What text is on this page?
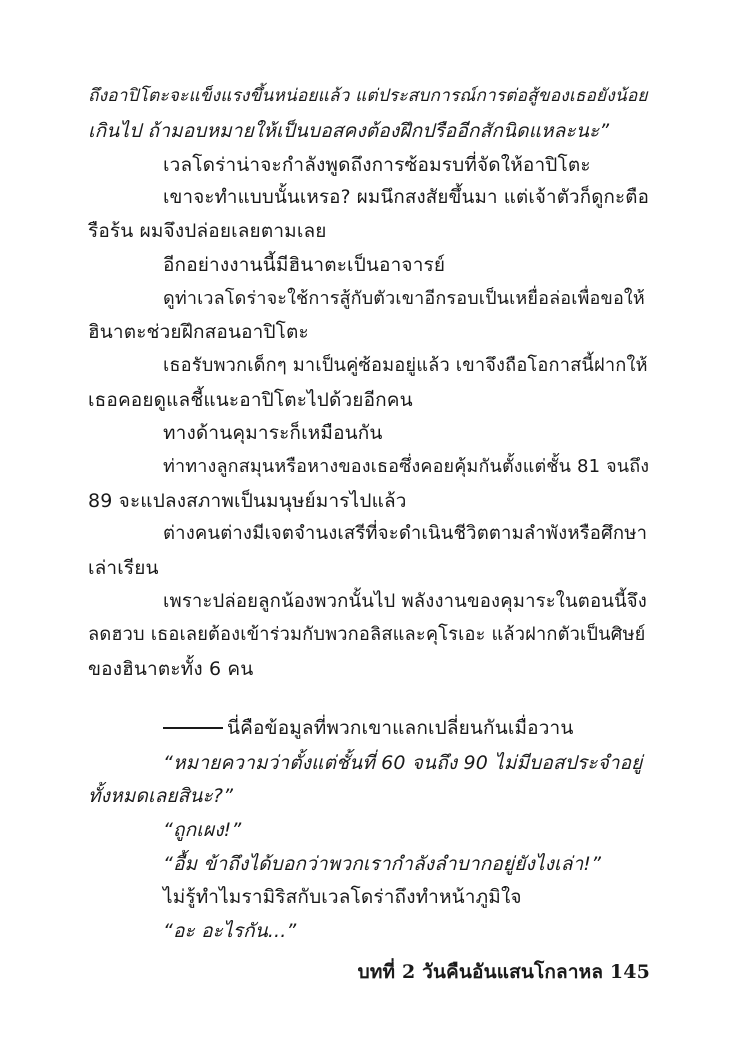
ถึงอาปิโตะจะแข็งแรงขึ้นหน่อยแล้ว แต่ประสบการณ์การต่อสู้ของเธอยังน้อย
เกินไป ถ้ามอบหมายให้เป็นบอสคงต้องฝึกปรืออีกสักนิดแหละนะ”
เวลโดร่าน่าจะกำลังพูดถึงการซ้อมรบที่จัดให้อาปิโตะ
เขาจะทำแบบนั้นเหรอ? ผมนึกสงสัยขึ้นมา แต่เจ้าตัวก็ดูกะตือ
รือร้น ผมจึงปล่อยเลยตามเลย
อีกอย่างงานนี้มีฮินาตะเป็นอาจารย์
ดูท่าเวลโดร่าจะใช้การสู้กับตัวเขาอีกรอบเป็นเหยื่อล่อเพื่อขอให้
ฮินาตะช่วยฝึกสอนอาปิโตะ
เธอรับพวกเด็กๆ มาเป็นคู่ซ้อมอยู่แล้ว เขาจึงถือโอกาสนี้ฝากให้
เธอคอยดูแลชี้แนะอาปิโตะไปด้วยอีกคน
ทางด้านคุมาระก็เหมือนกัน
ท่าทางลูกสมุนหรือหางของเธอซึ่งคอยคุ้มกันตั้งแต่ชั้น 81 จนถึง
89 จะแปลงสภาพเป็นมนุษย์มารไปแล้ว
ต่างคนต่างมีเจตจำนงเสรีที่จะดำเนินชีวิตตามลำพังหรือศึกษา
เล่าเรียน
เพราะปล่อยลูกน้องพวกนั้นไป พลังงานของคุมาระในตอนนี้จึง
ลดฮวบ เธอเลยต้องเข้าร่วมกับพวกอลิสและคุโรเอะ แล้วฝากตัวเป็นศิษย์
ของฮินาตะทั้ง 6 คน
นี่คือข้อมูลที่พวกเขาแลกเปลี่ยนกันเมื่อวาน
“หมายความว่าตั้งแต่ชั้นที่ 60 จนถึง 90 ไม่มีบอสประจำอยู่
ทั้งหมดเลยสินะ?”
“ถูกเผง!”
“อื้ม ข้าถึงได้บอกว่าพวกเรากำลังลำบากอยู่ยังไงเล่า!”
ไม่รู้ทำไมรามิริสกับเวลโดร่าถึงทำหน้าภูมิใจ
“อะ อะไรกัน...”
บทที่ 2 วันคืนอันแสนโกลาหล 145
